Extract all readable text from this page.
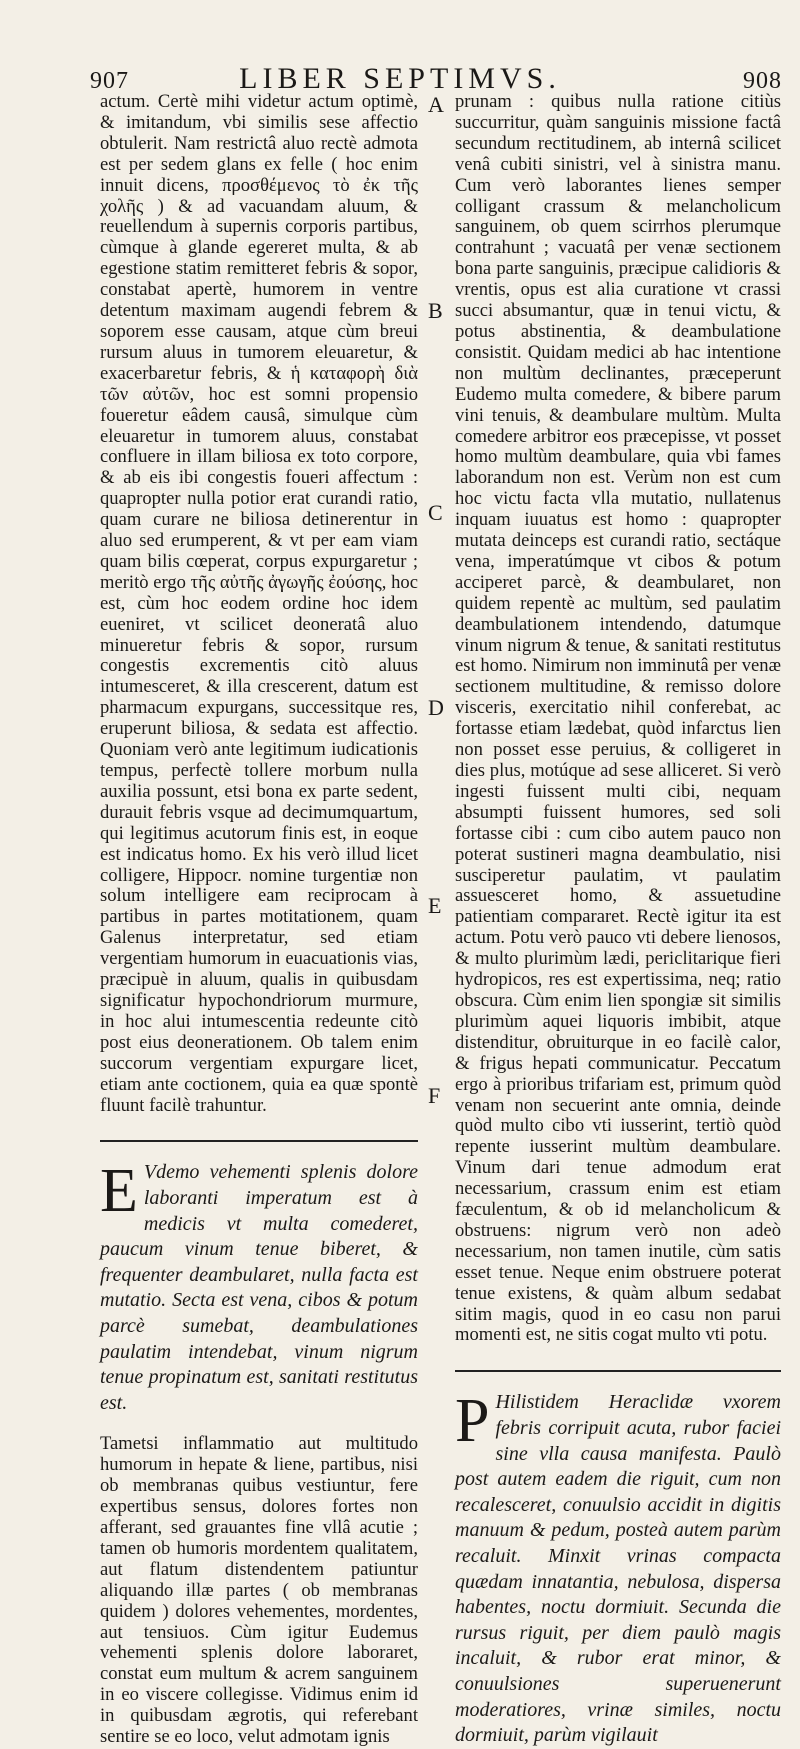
907	LIBER SEPTIMVS.	908

actum. Certè mihi videtur actum optimè, & imitandum, vbi similis sese affectio obtulerit. Nam restrictâ aluo rectè admota est per sedem glans ex felle ( hoc enim innuit dicens, προσθέμενος τὸ ἐκ τῆς χολῆς ) & ad vacuandam aluum, & reuellendum à supernis corporis partibus, cùmque à glande egereret multa, & ab egestione statim remitteret febris & sopor, constabat apertè, humorem in ventre detentum maximam augendi febrem & soporem esse causam, atque cùm breui rursum aluus in tumorem eleuaretur, & exacerbaretur febris, & ἡ καταφορὴ διὰ τῶν αὐτῶν, hoc est somni propensio foueretur eâdem causâ, simulque cùm eleuaretur in tumorem aluus, constabat confluere in illam biliosa ex toto corpore, & ab eis ibi congestis foueri affectum : quapropter nulla potior erat curandi ratio, quam curare ne biliosa detinerentur in aluo sed erumperent, & vt per eam viam quam bilis cœperat, corpus expurgaretur ; meritò ergo τῆς αὐτῆς ἀγωγῆς ἐούσης, hoc est, cùm hoc eodem ordine hoc idem eueniret, vt scilicet deoneratâ aluo minueretur febris & sopor, rursum congestis excrementis citò aluus intumesceret, & illa crescerent, datum est pharmacum expurgans, successitque res, eruperunt biliosa, & sedata est affectio. Quoniam verò ante legitimum iudicationis tempus, perfectè tollere morbum nulla auxilia possunt, etsi bona ex parte sedent, durauit febris vsque ad decimumquartum, qui legitimus acutorum finis est, in eoque est indicatus homo. Ex his verò illud licet colligere, Hippocr. nomine turgentiæ non solum intelligere eam reciprocam à partibus in partes motitationem, quam Galenus interpretatur, sed etiam vergentiam humorum in euacuationis vias, præcipuè in aluum, qualis in quibusdam significatur hypochondriorum murmure, in hoc alui intumescentia redeunte citò post eius deonerationem. Ob talem enim succorum vergentiam expurgare licet, etiam ante coctionem, quia ea quæ spontè fluunt facilè trahuntur.

E Vdemo vehementi splenis dolore laboranti imperatum est à medicis vt multa comederet, paucum vinum tenue biberet, & frequenter deambularet, nulla facta est mutatio. Secta est vena, cibos & potum parcè sumebat, deambulationes paulatim intendebat, vinum nigrum tenue propinatum est, sanitati restitutus est.

Tametsi inflammatio aut multitudo humorum in hepate & liene, partibus, nisi ob membranas quibus vestiuntur, fere expertibus sensus, dolores fortes non afferant, sed grauantes fine vllâ acutie ; tamen ob humoris mordentem qualitatem, aut flatum distendentem patiuntur aliquando illæ partes ( ob membranas quidem ) dolores vehementes, mordentes, aut tensiuos. Cùm igitur Eudemus vehementi splenis dolore laboraret, constat eum multum & acrem sanguinem in eo viscere collegisse. Vidimus enim id in quibusdam ægrotis, qui referebant sentire se eo loco, velut admotam ignis

prunam : quibus nulla ratione citiùs succurritur, quàm sanguinis missione factâ secundum rectitudinem, ab internâ scilicet venâ cubiti sinistri, vel à sinistra manu. Cum verò laborantes lienes semper colligant crassum & melancholicum sanguinem, ob quem scirrhos plerumque contrahunt ; vacuatâ per venæ sectionem bona parte sanguinis, præcipue calidioris & vrentis, opus est alia curatione vt crassi succi absumantur, quæ in tenui victu, & potus abstinentia, & deambulatione consistit. Quidam medici ab hac intentione non multùm declinantes, præceperunt Eudemo multa comedere, & bibere parum vini tenuis, & deambulare multùm. Multa comedere arbitror eos præcepisse, vt posset homo multùm deambulare, quia vbi fames laborandum non est. Verùm non est cum hoc victu facta vlla mutatio, nullatenus inquam iuuatus est homo : quapropter mutata deinceps est curandi ratio, sectáque vena, imperatúmque vt cibos & potum acciperet parcè, & deambularet, non quidem repentè ac multùm, sed paulatim deambulationem intendendo, datumque vinum nigrum & tenue, & sanitati restitutus est homo. Nimirum non imminutâ per venæ sectionem multitudine, & remisso dolore visceris, exercitatio nihil conferebat, ac fortasse etiam lædebat, quòd infarctus lien non posset esse peruius, & colligeret in dies plus, motúque ad sese alliceret. Si verò ingesti fuissent multi cibi, nequam absumpti fuissent humores, sed soli fortasse cibi : cum cibo autem pauco non poterat sustineri magna deambulatio, nisi susciperetur paulatim, vt paulatim assuesceret homo, & assuetudine patientiam compararet. Rectè igitur ita est actum. Potu verò pauco vti debere lienosos, & multo plurimùm lædi, periclitarique fieri hydropicos, res est expertissima, neq; ratio obscura. Cùm enim lien spongiæ sit similis plurimùm aquei liquoris imbibit, atque distenditur, obruiturque in eo facilè calor, & frigus hepati communicatur. Peccatum ergo à prioribus trifariam est, primum quòd venam non secuerint ante omnia, deinde quòd multo cibo vti iusserint, tertiò quòd repente iusserint multùm deambulare. Vinum dari tenue admodum erat necessarium, crassum enim est etiam fæculentum, & ob id melancholicum & obstruens: nigrum verò non adeò necessarium, non tamen inutile, cùm satis esset tenue. Neque enim obstruere poterat tenue existens, & quàm album sedabat sitim magis, quod in eo casu non parui momenti est, ne sitis cogat multo vti potu.

P Hilistidem Heraclidæ vxorem febris corripuit acuta, rubor faciei sine vlla causa manifesta. Paulò post autem eadem die riguit, cum non recalesceret, conuulsio accidit in digitis manuum & pedum, posteà autem parùm recaluit. Minxit vrinas compacta quædam innatantia, nebulosa, dispersa habentes, noctu dormiuit. Secunda die rursus riguit, per diem paulò magis incaluit, & rubor erat minor, & conuulsiones superuenerunt moderatiores, vrinæ similes, noctu dormiuit, parùm vigilauit

A
B
C
D
E
F
